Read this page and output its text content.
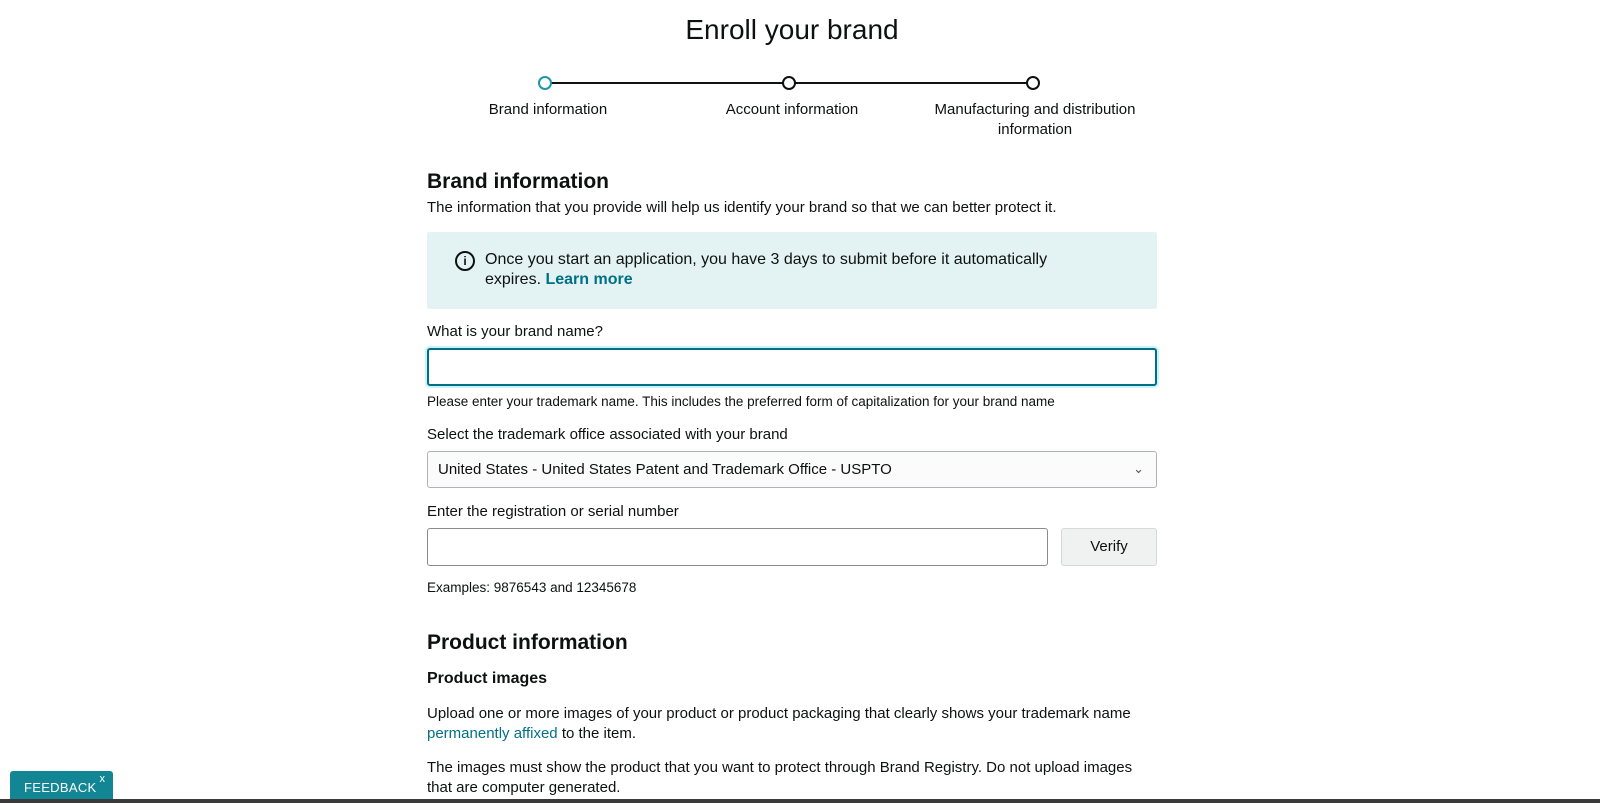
Enroll your brand
Brand information	Account information	Manufacturing and distribution information
Brand information
The information that you provide will help us identify your brand so that we can better protect it.
i	Once you start an application, you have 3 days to submit before it automatically expires. Learn more
What is your brand name?
Please enter your trademark name. This includes the preferred form of capitalization for your brand name
Select the trademark office associated with your brand
United States - United States Patent and Trademark Office - USPTO	⌄
Enter the registration or serial number
Verify
Examples: 9876543 and 12345678
Product information
Product images
Upload one or more images of your product or product packaging that clearly shows your trademark name permanently affixed to the item.
The images must show the product that you want to protect through Brand Registry. Do not upload images that are computer generated.
FEEDBACK
x
